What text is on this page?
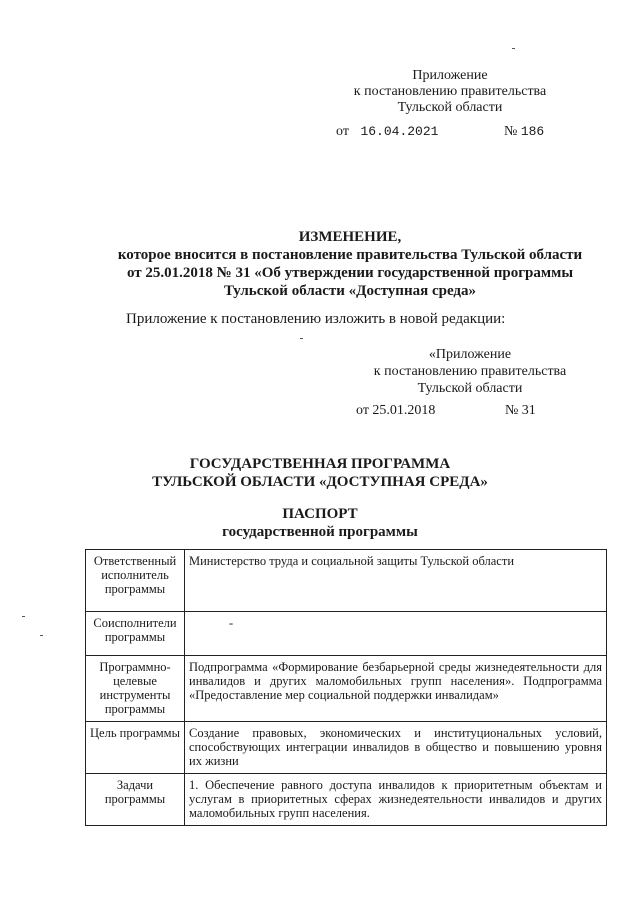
Приложение
к постановлению правительства
Тульской области
от 16.04.2021	№ 186
ИЗМЕНЕНИЕ,
которое вносится в постановление правительства Тульской области
от 25.01.2018 № 31 «Об утверждении государственной программы
Тульской области «Доступная среда»
Приложение к постановлению изложить в новой редакции:
«Приложение
к постановлению правительства
Тульской области
от 25.01.2018	№ 31
ГОСУДАРСТВЕННАЯ ПРОГРАММА
ТУЛЬСКОЙ ОБЛАСТИ «ДОСТУПНАЯ СРЕДА»
ПАСПОРТ
государственной программы
Ответственный исполнитель программы	Министерство труда и социальной защиты Тульской области
Соисполнители программы	-
Программно-целевые инструменты программы	Подпрограмма «Формирование безбарьерной среды жизнедеятельности для инвалидов и других маломобильных групп населения». Подпрограмма «Предоставление мер социальной поддержки инвалидам»
Цель программы	Создание правовых, экономических и институциональных условий, способствующих интеграции инвалидов в общество и повышению уровня их жизни
Задачи программы	1. Обеспечение равного доступа инвалидов к приоритетным объектам и услугам в приоритетных сферах жизнедеятельности инвалидов и других маломобильных групп населения.
